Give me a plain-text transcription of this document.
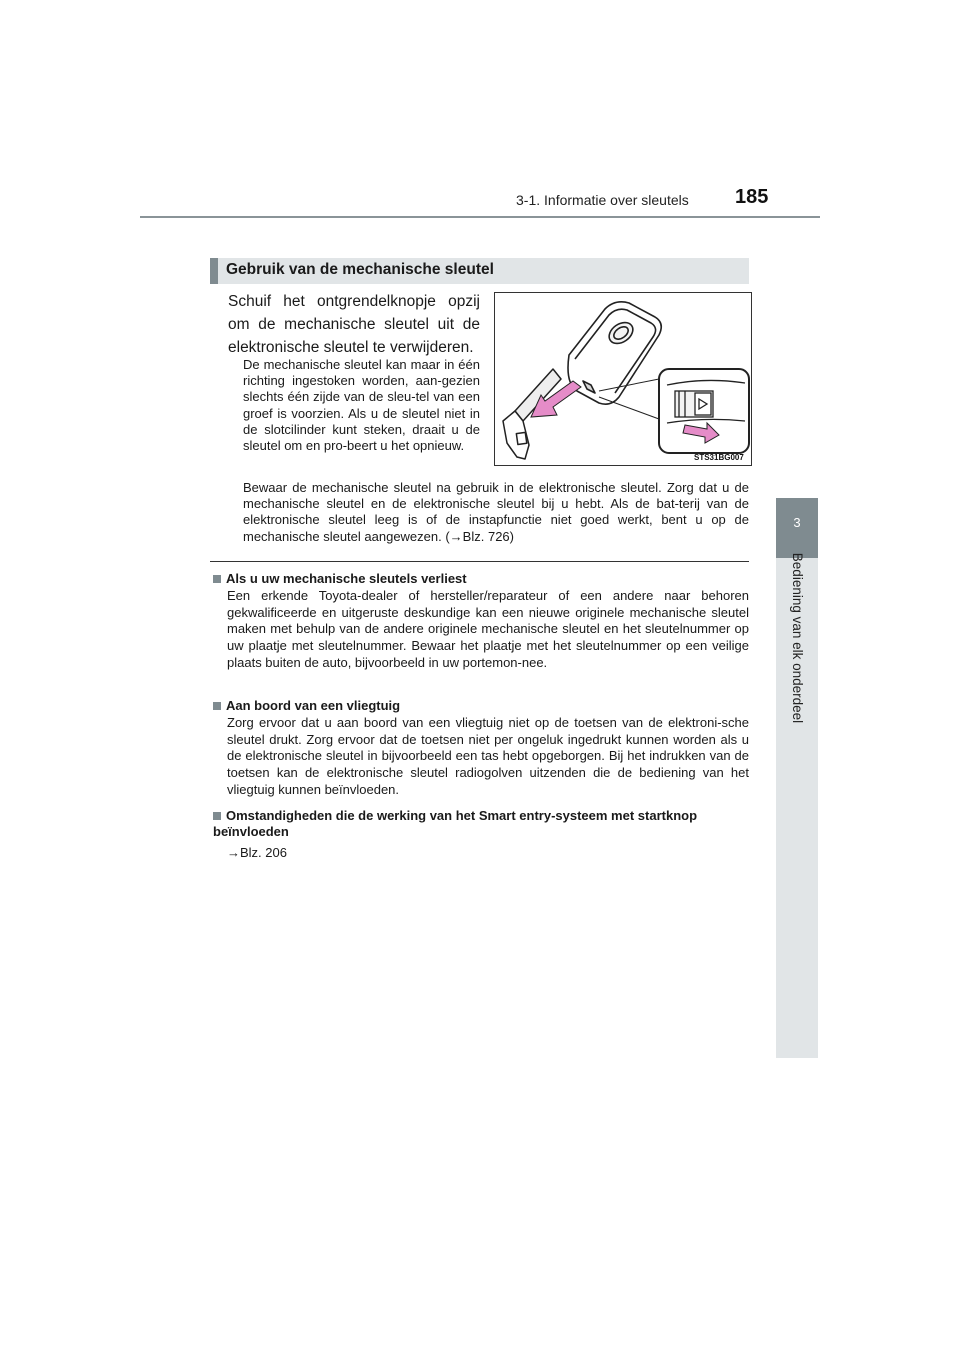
3-1. Informatie over sleutels 185
3
Bediening van elk onderdeel
Gebruik van de mechanische sleutel
Schuif het ontgrendelknopje opzij om de mechanische sleutel uit de elektronische sleutel te verwijderen.
De mechanische sleutel kan maar in één richting ingestoken worden, aan-gezien slechts één zijde van de sleu-tel van een groef is voorzien. Als u de sleutel niet in de slotcilinder kunt steken, draait u de sleutel om en pro-beert u het opnieuw.
Bewaar de mechanische sleutel na gebruik in de elektronische sleutel. Zorg dat u de mechanische sleutel en de elektronische sleutel bij u hebt. Als de bat-terij van de elektronische sleutel leeg is of de instapfunctie niet goed werkt, bent u op de mechanische sleutel aangewezen. (→Blz. 726)
STS31BG007
Als u uw mechanische sleutels verliest
Een erkende Toyota-dealer of hersteller/reparateur of een andere naar behoren gekwalificeerde en uitgeruste deskundige kan een nieuwe originele mechanische sleutel maken met behulp van de andere originele mechanische sleutel en het sleutelnummer op uw plaatje met sleutelnummer. Bewaar het plaatje met het sleutelnummer op een veilige plaats buiten de auto, bijvoorbeeld in uw portemon-nee.
Aan boord van een vliegtuig
Zorg ervoor dat u aan boord van een vliegtuig niet op de toetsen van de elektroni-sche sleutel drukt. Zorg ervoor dat de toetsen niet per ongeluk ingedrukt kunnen worden als u de elektronische sleutel in bijvoorbeeld een tas hebt opgeborgen. Bij het indrukken van de toetsen kan de elektronische sleutel radiogolven uitzenden die de bediening van het vliegtuig kunnen beïnvloeden.
Omstandigheden die de werking van het Smart entry-systeem met startknop beïnvloeden
→Blz. 206
